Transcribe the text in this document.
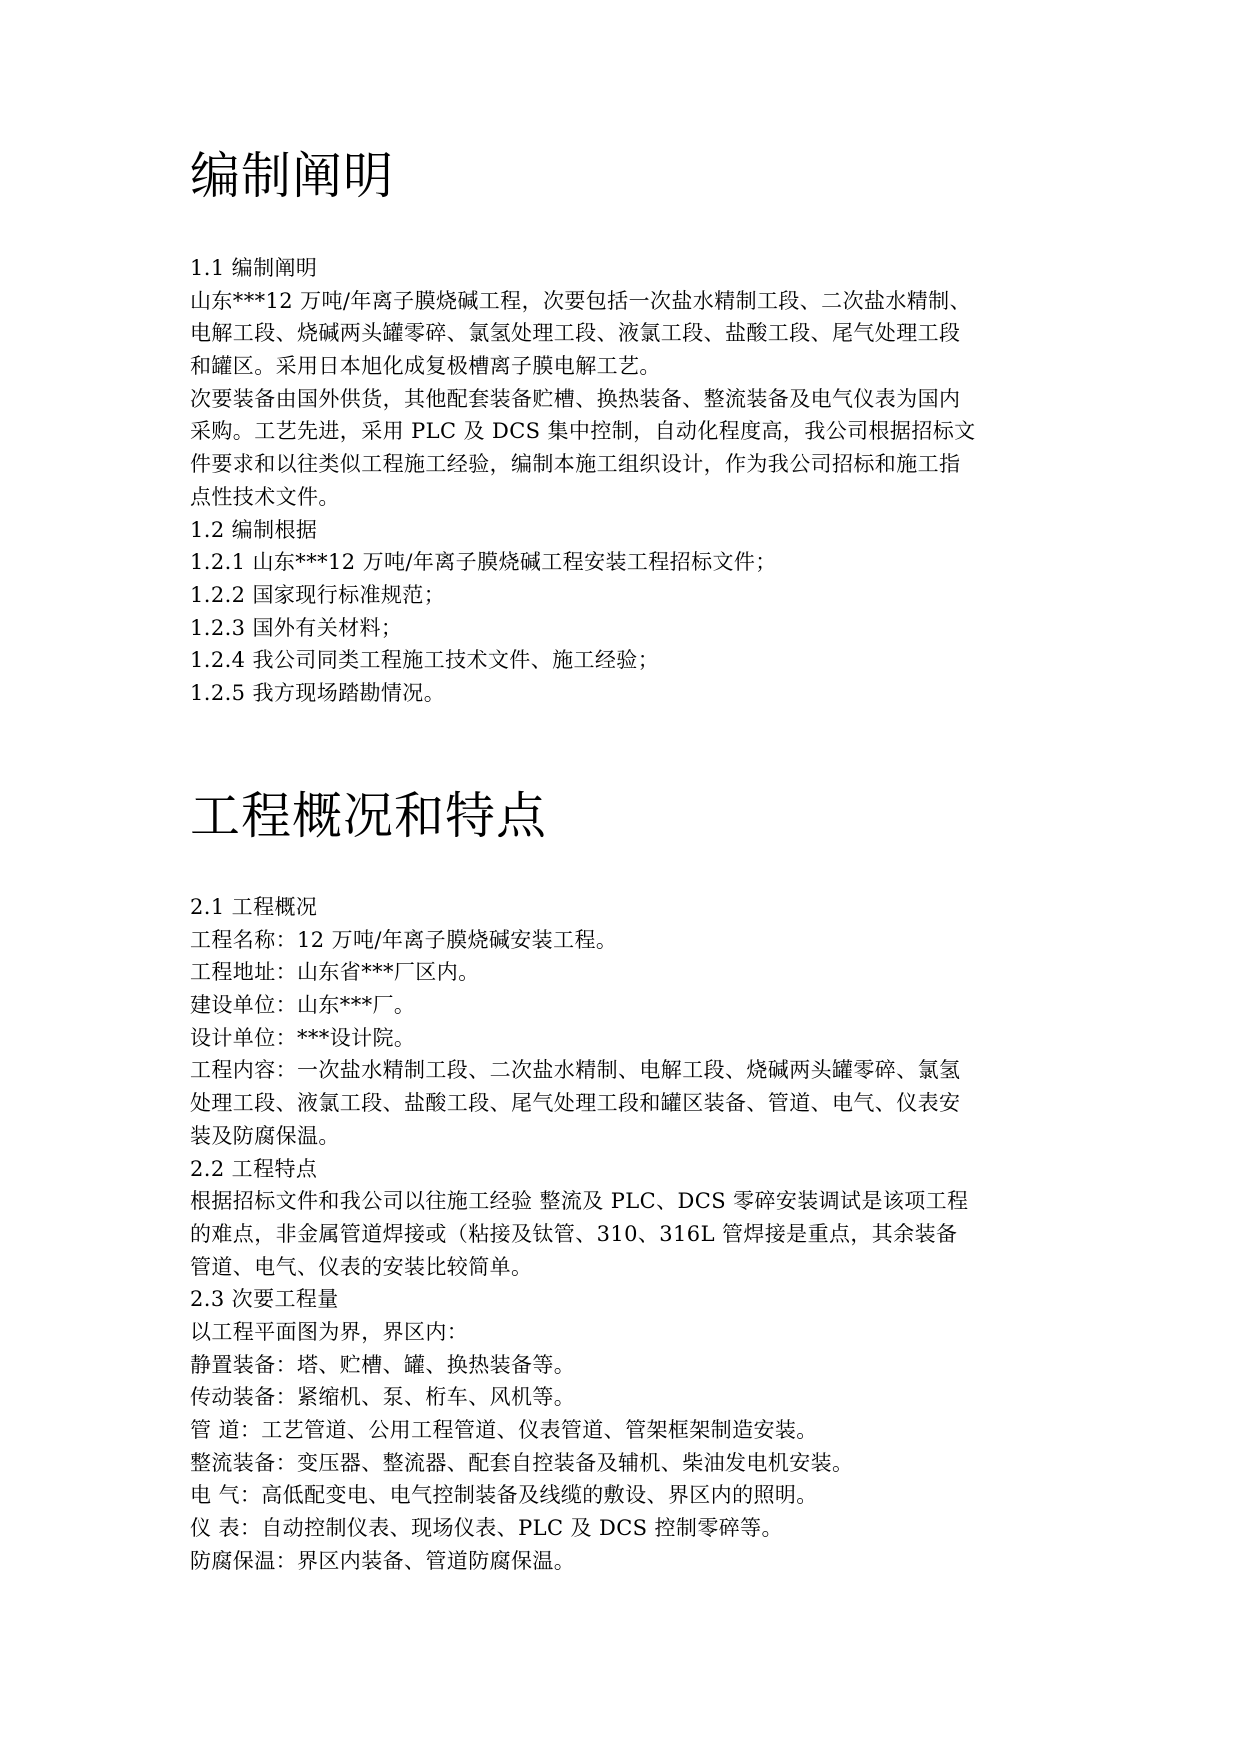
编制阐明
1.1 编制阐明
山东***12 万吨/年离子膜烧碱工程，次要包括一次盐水精制工段、二次盐水精制、
电解工段、烧碱两头罐零碎、氯氢处理工段、液氯工段、盐酸工段、尾气处理工段
和罐区。采用日本旭化成复极槽离子膜电解工艺。
次要装备由国外供货，其他配套装备贮槽、换热装备、整流装备及电气仪表为国内
采购。工艺先进，采用 PLC 及 DCS 集中控制，自动化程度高，我公司根据招标文
件要求和以往类似工程施工经验，编制本施工组织设计，作为我公司招标和施工指
点性技术文件。
1.2 编制根据
1.2.1 山东***12 万吨/年离子膜烧碱工程安装工程招标文件；
1.2.2 国家现行标准规范；
1.2.3 国外有关材料；
1.2.4 我公司同类工程施工技术文件、施工经验；
1.2.5 我方现场踏勘情况。
工程概况和特点
2.1 工程概况
工程名称：12 万吨/年离子膜烧碱安装工程。
工程地址：山东省***厂区内。
建设单位：山东***厂。
设计单位：***设计院。
工程内容：一次盐水精制工段、二次盐水精制、电解工段、烧碱两头罐零碎、氯氢
处理工段、液氯工段、盐酸工段、尾气处理工段和罐区装备、管道、电气、仪表安
装及防腐保温。
2.2 工程特点
根据招标文件和我公司以往施工经验 整流及 PLC、DCS 零碎安装调试是该项工程
的难点，非金属管道焊接或（粘接及钛管、310、316L 管焊接是重点，其余装备
管道、电气、仪表的安装比较简单。
2.3 次要工程量
以工程平面图为界，界区内：
静置装备：塔、贮槽、罐、换热装备等。
传动装备：紧缩机、泵、桁车、风机等。
管 道：工艺管道、公用工程管道、仪表管道、管架框架制造安装。
整流装备：变压器、整流器、配套自控装备及辅机、柴油发电机安装。
电 气：高低配变电、电气控制装备及线缆的敷设、界区内的照明。
仪 表：自动控制仪表、现场仪表、PLC 及 DCS 控制零碎等。
防腐保温：界区内装备、管道防腐保温。
